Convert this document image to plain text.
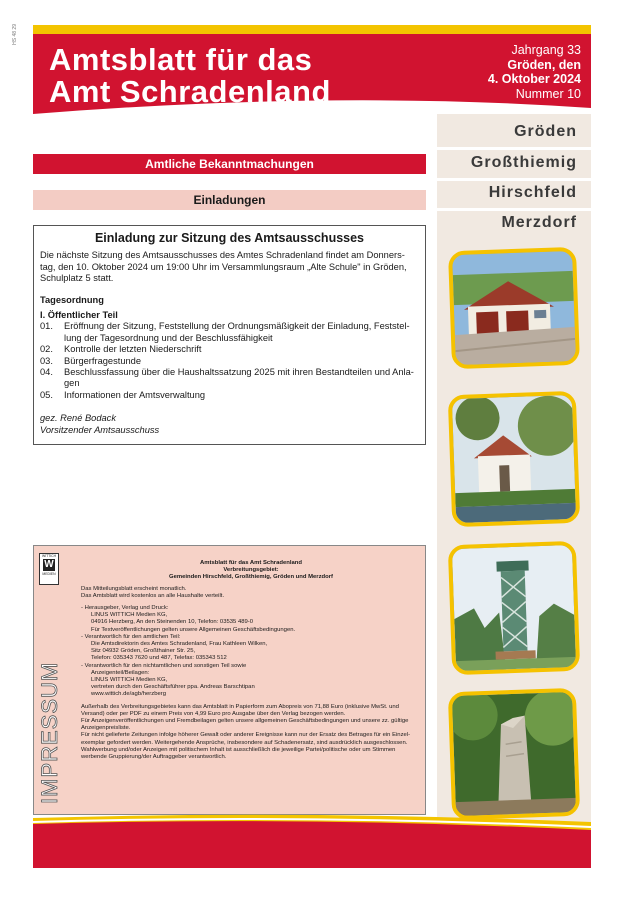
HS 48 29
Amtsblatt für das
Amt Schradenland
Jahrgang 33
Gröden, den
4. Oktober 2024
Nummer 10
Gröden
Großthiemig
Hirschfeld
Merzdorf
Amtliche Bekanntmachungen
Einladungen
Einladung zur Sitzung des Amtsausschusses
Die nächste Sitzung des Amtsausschusses des Amtes Schradenland findet am Donners-
tag, den 10. Oktober 2024 um 19:00 Uhr im Versammlungsraum „Alte Schule" in Gröden,
Schulplatz 5 statt.
Tagesordnung
I. Öffentlicher Teil
01.	Eröffnung der Sitzung, Feststellung der Ordnungsmäßigkeit der Einladung, Feststel-lung der Tagesordnung und der Beschlussfähigkeit
02.	Kontrolle der letzten Niederschrift
03.	Bürgerfragestunde
04.	Beschlussfassung über die Haushaltssatzung 2025 mit ihren Bestandteilen und Anla-gen
05.	Informationen der Amtsverwaltung
gez. René Bodack
Vorsitzender Amtsausschuss
WITTICH
W
MEDIEN
IMPRESSUM
Amtsblatt für das Amt Schradenland
Verbreitungsgebiet:
Gemeinden Hirschfeld, Großthiemig, Gröden und Merzdorf

Das Mitteilungsblatt erscheint monatlich.

Das Amtsblatt wird kostenlos an alle Haushalte verteilt.

- Herausgeber, Verlag und Druck:

LINUS WITTICH Medien KG,

04916 Herzberg, An den Steinenden 10, Telefon: 03535 489-0

Für Textveröffentlichungen gelten unsere Allgemeinen Geschäftsbedingungen.

- Verantwortlich für den amtlichen Teil:

Die Amtsdirektorin des Amtes Schradenland, Frau Kathleen Wilken,

Sitz 04932 Gröden, Großthainer Str. 25,

Telefon: 035343 7620 und 487, Telefax: 035343 512

- Verantwortlich für den nichtamtlichen und sonstigen Teil sowie

Anzeigenteil/Beilagen:

LINUS WITTICH Medien KG,

vertreten durch den Geschäftsführer ppa. Andreas Barschtipan

www.wittich.de/agb/herzberg

Außerhalb des Verbreitungsgebietes kann das Amtsblatt in Papierform zum Abopreis von 71,88 Euro (inklusive MwSt. und

Versand) oder per PDF zu einem Preis von 4,99 Euro pro Ausgabe über den Verlag bezogen werden.

Für Anzeigenveröffentlichungen und Fremdbeilagen gelten unsere allgemeinen Geschäftsbedingungen und unsere zz. gültige

Anzeigenpreisliste.

Für nicht gelieferte Zeitungen infolge höherer Gewalt oder anderer Ereignisse kann nur der Ersatz des Betrages für ein Einzel-

exemplar gefordert werden. Weitergehende Ansprüche, insbesondere auf Schadenersatz, sind ausdrücklich ausgeschlossen.

Wahlwerbung und/oder Anzeigen mit politischem Inhalt ist ausschließlich die jeweilige Partei/politische oder um Stimmen

werbende Gruppierung/der Auftraggeber verantwortlich.
